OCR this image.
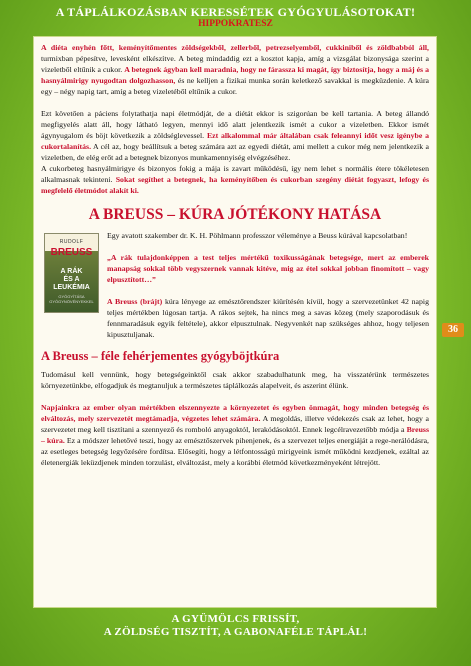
A TÁPLÁLKOZÁSBAN KERESSÉTEK GYÓGYULÁSOTOKAT!
HIPPOKRATESZ

A diéta enyhén főtt, keményítőmentes zöldségekből, zellerből, petrezselyemből, cukkiniből és zöldbabból áll, turmixban pépesítve, levesként elkészítve. A beteg mindaddig ezt a kosztot kapja, amíg a vizsgálat bizonysága szerint a vizeletből eltűnik a cukor. A betegnek ágyban kell maradnia, hogy ne fárassza ki magát, így biztosítja, hogy a máj és a hasnyálmirigy nyugodtan dolgozhasson, és ne kelljen a fizikai munka során keletkező savakkal is megküzdenie. A kúra egy – négy napig tart, amíg a beteg vizeletéből eltűnik a cukor.

Ezt követően a páciens folytathatja napi életmódját, de a diétát ekkor is szigorúan be kell tartania. A beteg állandó megfigyelés alatt áll, hogy látható legyen, mennyi idő alatt jelentkezik ismét a cukor a vizeletben. Ekkor ismét ágynyugalom és böjt következik a zöldséglevessel. Ezt alkalommal már általában csak feleannyi időt vesz igénybe a cukortalanítás. A cél az, hogy beállítsuk a beteg számára azt az egyedi diétát, ami mellett a cukor még nem jelentkezik a vizeletben, de elég erőt ad a betegnek bizonyos munkamennyiség elvégzéséhez.

A cukorbeteg hasnyálmirigye és bizonyos fokig a mája is zavart működésű, így nem lehet s normális étere tökéletesen alkalmasnak tekinteni. Sokat segíthet a betegnek, ha keményítőben és cukorban szegény diétát fogyaszt, lefogy és megfelelő életmódot alakít ki.

A BREUSS – KÚRA JÓTÉKONY HATÁSA
RUDOLF
BREUSS
A RÁK
ÉS A
LEUKÉMIA
GYÓGYÍTÁSA GYÓGYNÖVÉNYEKKEL

Egy avatott szakember dr. K. H. Pöhlmann professzor véleménye a Beuss kúrával kapcsolatban!

„A rák tulajdonképpen a test teljes mértékű toxikusságának betegsége, mert az emberek manapság sokkal több vegyszernek vannak kitéve, mig az étel sokkal jobban finomított – vagy elpusztított…”

A Breuss (brájt) kúra lényege az emésztőrendszer kiürítésén kívül, hogy a szervezetünket 42 napig teljes mértékben lúgosan tartja. A rákos sejtek, ha nincs meg a savas közeg (mely szaporodásuk és fennmaradásuk egyik feltétele), akkor elpusztulnak. Negyvenkét nap szükséges ahhoz, hogy teljesen kipusztuljanak.

A Breuss – féle fehérjementes gyógyböjtkúra

Tudomásul kell vennünk, hogy betegségeinktől csak akkor szabadulhatunk meg, ha visszatérünk természetes környezetünkbe, elfogadjuk és megtanuljuk a természetes táplálkozás alapelveit, és aszerint élünk.

Napjainkra az ember olyan mértékben elszennyezte a környezetet és egyben önmagát, hogy minden betegség és elváltozás, mely szervezetét megtámadja, végzetes lehet számára. A megoldás, illetve védekezés csak az lehet, hogy a szervezetet meg kell tisztítani a szennyező és romboló anyagoktól, lerakódásoktól. Ennek legcélravezetőbb módja a Breuss – kúra. Ez a módszer lehetővé teszi, hogy az emésztőszervek pihenjenek, és a szervezet teljes energiáját a rege-nerálódásra, az esetleges betegség legyőzésére fordítsa. Elősegíti, hogy a létfontosságú mirigyeink ismét működni kezdjenek, ezáltal az életenergiák leküzdjenek minden torzulást, elváltozást, mely a korábbi életmód következményeként létrejött.

36
A GYÜMÖLCS FRISSÍT,
A ZÖLDSÉG TISZTÍT, A GABONAFÉLE TÁPLÁL!
